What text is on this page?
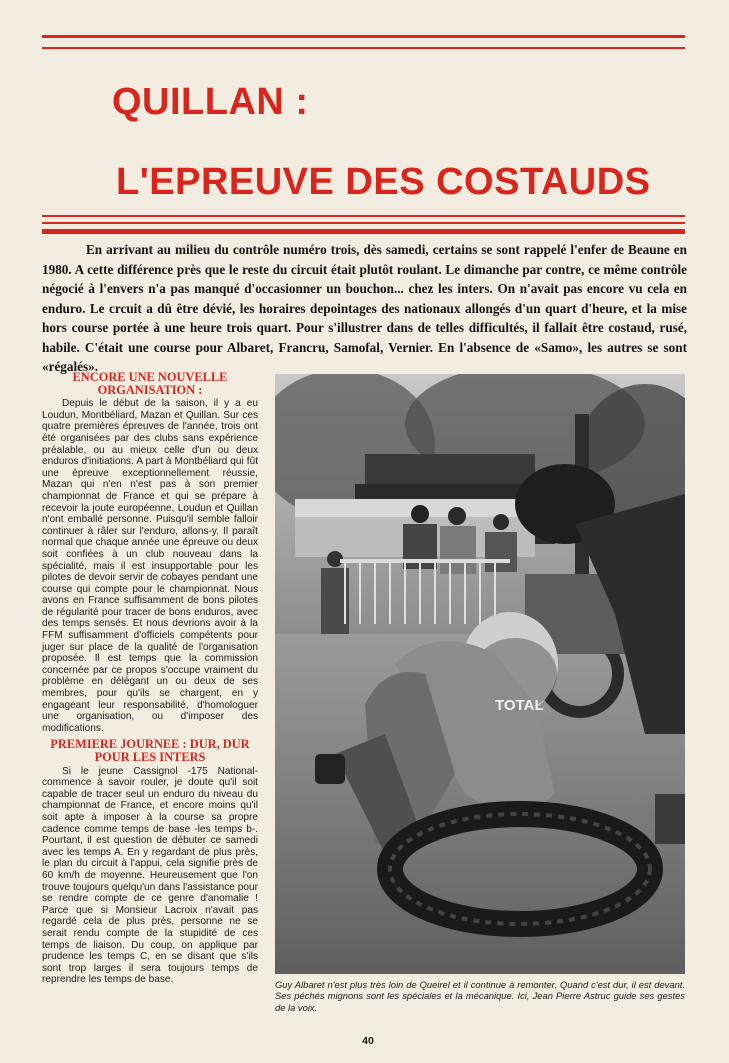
QUILLAN :
L'EPREUVE DES COSTAUDS

En arrivant au milieu du contrôle numéro trois, dès samedi, certains se sont rappelé l'enfer de Beaune en 1980. A cette différence près que le reste du circuit était plutôt roulant. Le dimanche par contre, ce même contrôle négocié à l'envers n'a pas manqué d'occasionner un bouchon... chez les inters. On n'avait pas encore vu cela en enduro. Le crcuit a dû être dévié, les horaires depointages des nationaux allongés d'un quart d'heure, et la mise hors course portée à une heure trois quart. Pour s'illustrer dans de telles difficultés, il fallait être costaud, rusé, habile. C'était une course pour Albaret, Francru, Samofal, Vernier. En l'absence de «Samo», les autres se sont «régalés».

ENCORE UNE NOUVELLE ORGANISATION :

Depuis le début de la saison, il y a eu Loudun, Montbéliard, Mazan et Quillan. Sur ces quatre premières épreuves de l'année, trois ont été organisées par des clubs sans expérience préalable, ou au mieux celle d'un ou deux enduros d'initiations. A part à Montbéliard qui fût une épreuve exceptionnellement réussie, Mazan qui n'en n'est pas à son premier championnat de France et qui se prépare à recevoir la joute européenne, Loudun et Quillan n'ont emballé personne. Puisqu'il semble falloir continuer à râler sur l'enduro, allons-y. Il paraît normal que chaque année une épreuve ou deux soit confiées à un club nouveau dans la spécialité, mais il est insupportable pour les pilotes de devoir servir de cobayes pendant une course qui compte pour le championnat. Nous avons en France suffisamment de bons pilotes de régularité pour tracer de bons enduros, avec des temps sensés. Et nous devrions avoir à la FFM suffisamment d'officiels compétents pour juger sur place de la qualité de l'organisation proposée. Il est temps que la commission concernée par ce propos s'occupe vraiment du problème en délégant un ou deux de ses membres, pour qu'ils se chargent, en y engageant leur responsabilité, d'homologuer une organisation, ou d'imposer des modifications.

PREMIERE JOURNEE : DUR, DUR POUR LES INTERS

Si le jeune Cassignol -175 National- commence à savoir rouler, je doute qu'il soit capable de tracer seul un enduro du niveau du championnat de France, et encore moins qu'il soit apte à imposer à la course sa propre cadence comme temps de base -les temps b-. Pourtant, il est question de débuter ce samedi avec les temps A. En y regardant de plus près, le plan du circuit à l'appui, cela signifie près de 60 km/h de moyenne. Heureusement que l'on trouve toujours quelqu'un dans l'assistance pour se rendre compte de ce genre d'anomalie ! Parce que si Monsieur Lacroix n'avait pas regardé cela de plus près, personne ne se serait rendu compte de la stupidité de ces temps de liaison. Du coup, on applique par prudence les temps C, en se disant que s'ils sont trop larges il sera toujours temps de reprendre les temps de base.

TOTAL

Guy Albaret n'est plus très loin de Queirel et il continue à remonter. Quand c'est dur, il est devant. Ses péchés mignons sont les spéciales et la mécanique. Ici, Jean Pierre Astruc guide ses gestes de la voix.

40
